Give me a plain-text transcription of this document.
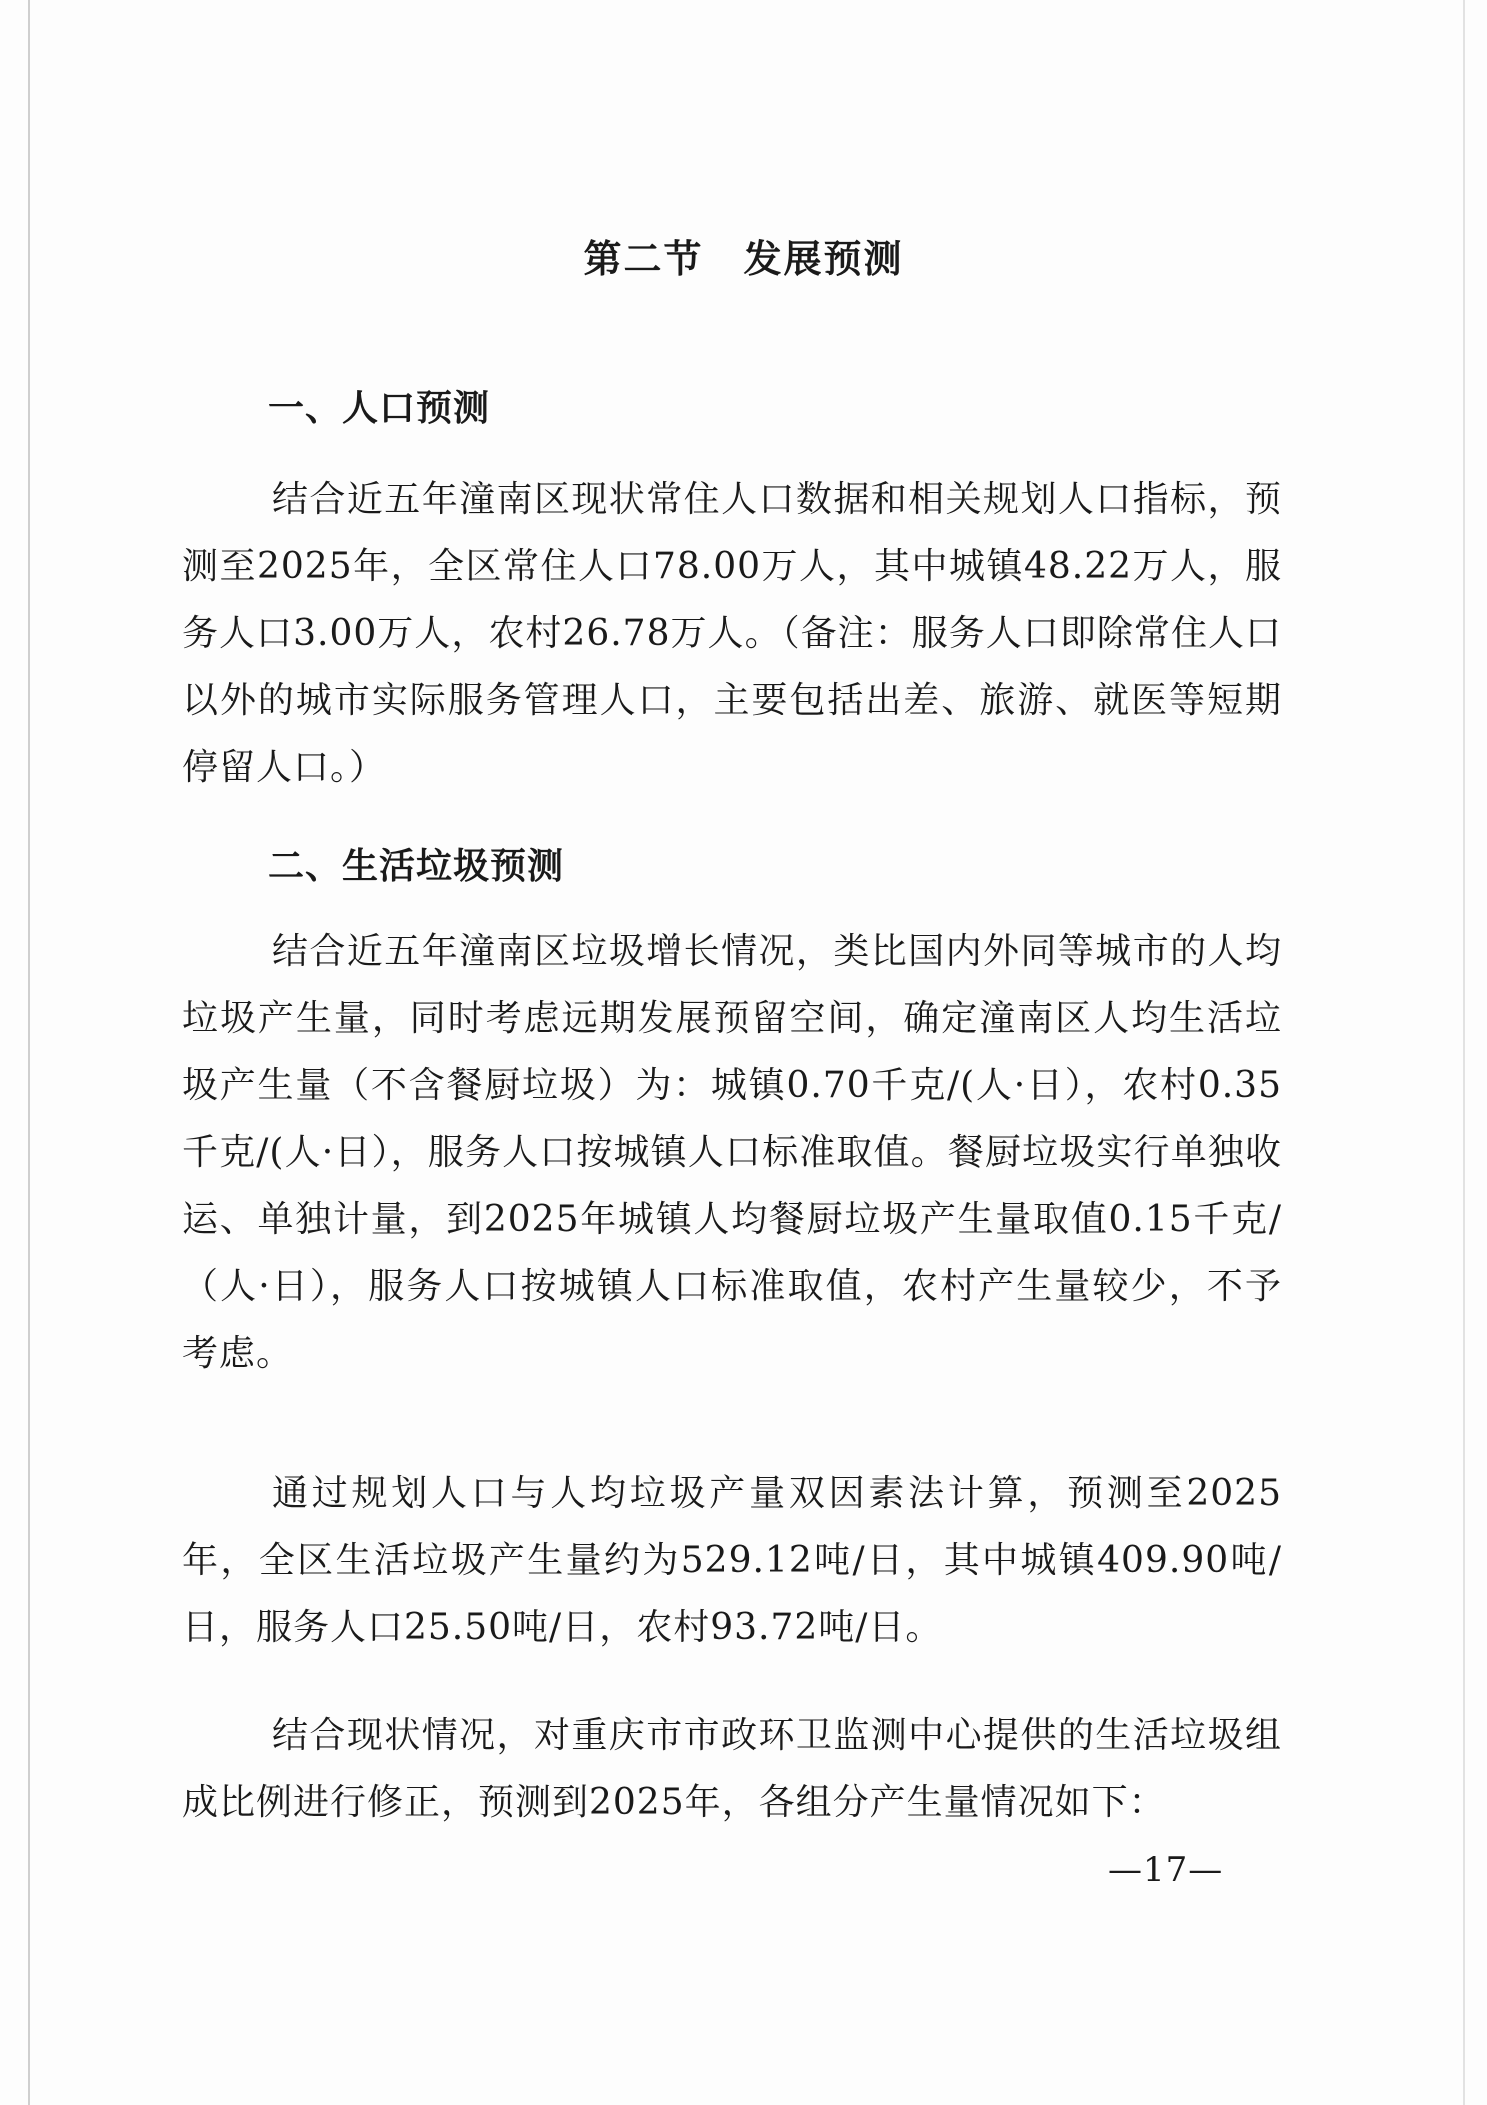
第二节　发展预测
一、人口预测

结合近五年潼南区现状常住人口数据和相关规划人口指标，预测至2025年，全区常住人口78.00万人，其中城镇48.22万人，服务人口3.00万人，农村26.78万人。（备注：服务人口即除常住人口以外的城市实际服务管理人口，主要包括出差、旅游、就医等短期停留人口。）

二、生活垃圾预测

结合近五年潼南区垃圾增长情况，类比国内外同等城市的人均垃圾产生量，同时考虑远期发展预留空间，确定潼南区人均生活垃圾产生量（不含餐厨垃圾）为：城镇0.70千克/(人·日），农村0.35千克/(人·日），服务人口按城镇人口标准取值。餐厨垃圾实行单独收运、单独计量，到2025年城镇人均餐厨垃圾产生量取值0.15千克/（人·日），服务人口按城镇人口标准取值，农村产生量较少，不予考虑。

通过规划人口与人均垃圾产量双因素法计算，预测至2025年，全区生活垃圾产生量约为529.12吨/日，其中城镇409.90吨/日，服务人口25.50吨/日，农村93.72吨/日。

结合现状情况，对重庆市市政环卫监测中心提供的生活垃圾组成比例进行修正，预测到2025年，各组分产生量情况如下：

—17—
